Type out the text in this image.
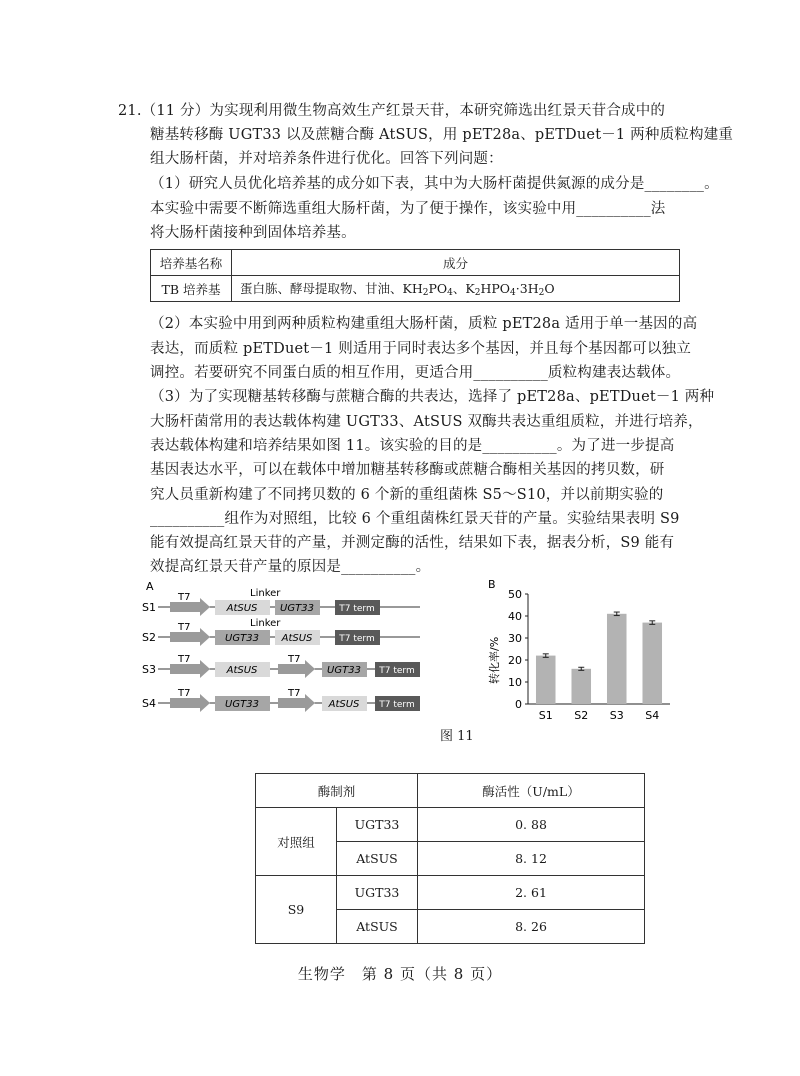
21.（11 分）为实现利用微生物高效生产红景天苷，本研究筛选出红景天苷合成中的
糖基转移酶 UGT33 以及蔗糖合酶 AtSUS，用 pET28a、pETDuet－1 两种质粒构建重
组大肠杆菌，并对培养条件进行优化。回答下列问题：
（1）研究人员优化培养基的成分如下表，其中为大肠杆菌提供氮源的成分是________。
本实验中需要不断筛选重组大肠杆菌，为了便于操作，该实验中用__________法
将大肠杆菌接种到固体培养基。
培养基名称	成分
TB 培养基	蛋白胨、酵母提取物、甘油、$KH_2PO_4$、$K_2HPO_4\cdot 3H_2O$
（2）本实验中用到两种质粒构建重组大肠杆菌，质粒 pET28a 适用于单一基因的高
表达，而质粒 pETDuet－1 则适用于同时表达多个基因，并且每个基因都可以独立
调控。若要研究不同蛋白质的相互作用，更适合用__________质粒构建表达载体。
（3）为了实现糖基转移酶与蔗糖合酶的共表达，选择了 pET28a、pETDuet－1 两种
大肠杆菌常用的表达载体构建 UGT33、AtSUS 双酶共表达重组质粒，并进行培养，
表达载体构建和培养结果如图 11。该实验的目的是__________。为了进一步提高
基因表达水平，可以在载体中增加糖基转移酶或蔗糖合酶相关基因的拷贝数，研
究人员重新构建了不同拷贝数的 6 个新的重组菌株 S5～S10，并以前期实验的
__________组作为对照组，比较 6 个重组菌株红景天苷的产量。实验结果表明 S9
能有效提高红景天苷的产量，并测定酶的活性，结果如下表，据表分析，S9 能有
效提高红景天苷产量的原因是__________。
A
S1
T7
AtSUS
Linker
UGT33	T7 term
S2
T7
UGT33
Linker
AtSUS	T7 term
S3
T7
AtSUS
T7
UGT33 T7 term
S4
T7
UGT33
T7
AtSUS T7 term
B
转化率/%
0
10
20
30
40
50
S1 S2 S3 S4
图 11
酶制剂		酶活性（U/mL）
对照组	UGT33	0. 88
	AtSUS	8. 12
S9	UGT33	2. 61
	AtSUS	8. 26
生物学　第 8 页（共 8 页）
